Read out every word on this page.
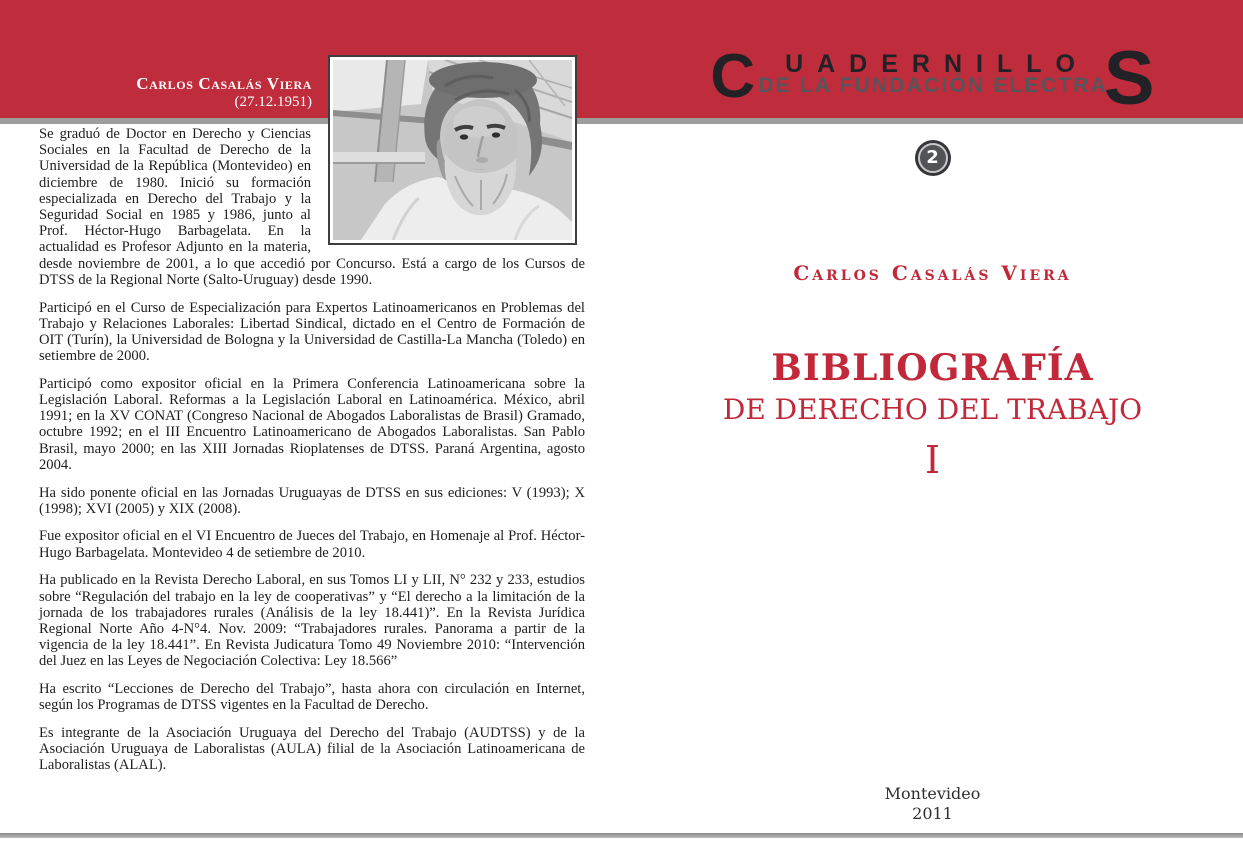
Carlos Casalás Viera
(27.12.1951)

Se graduó de Doctor en Derecho y Ciencias Sociales en la Facultad de Derecho de la Universidad de la República (Montevideo) en diciembre de 1980. Inició su formación especializada en Derecho del Trabajo y la Seguridad Social en 1985 y 1986, junto al Prof. Héctor-Hugo Barbagelata. En la actualidad es Profesor Adjunto en la materia, desde noviembre de 2001, a lo que accedió por Concurso. Está a cargo de los Cursos de DTSS de la Regional Norte (Salto-Uruguay) desde 1990.

Participó en el Curso de Especialización para Expertos Latinoamericanos en Problemas del Trabajo y Relaciones Laborales: Libertad Sindical, dictado en el Centro de Formación de OIT (Turín), la Universidad de Bologna y la Universidad de Castilla-La Mancha (Toledo) en setiembre de 2000.

Participó como expositor oficial en la Primera Conferencia Latinoamericana sobre la Legislación Laboral. Reformas a la Legislación Laboral en Latinoamérica. México, abril 1991; en la XV CONAT (Congreso Nacional de Abogados Laboralistas de Brasil) Gramado, octubre 1992; en el III Encuentro Latinoamericano de Abogados Laboralistas. San Pablo Brasil, mayo 2000; en las XIII Jornadas Rioplatenses de DTSS. Paraná Argentina, agosto 2004.

Ha sido ponente oficial en las Jornadas Uruguayas de DTSS en sus ediciones: V (1993); X (1998); XVI (2005) y XIX (2008).

Fue expositor oficial en el VI Encuentro de Jueces del Trabajo, en Homenaje al Prof. Héctor-Hugo Barbagelata. Montevideo 4 de setiembre de 2010.

Ha publicado en la Revista Derecho Laboral, en sus Tomos LI y LII, N° 232 y 233, estudios sobre “Regulación del trabajo en la ley de cooperativas” y “El derecho a la limitación de la jornada de los trabajadores rurales (Análisis de la ley 18.441)”. En la Revista Jurídica Regional Norte Año 4-N°4. Nov. 2009: “Trabajadores rurales. Panorama a partir de la vigencia de la ley 18.441”. En Revista Judicatura Tomo 49 Noviembre 2010: “Intervención del Juez en las Leyes de Negociación Colectiva: Ley 18.566”

Ha escrito “Lecciones de Derecho del Trabajo”, hasta ahora con circulación en Internet, según los Programas de DTSS vigentes en la Facultad de Derecho.

Es integrante de la Asociación Uruguaya del Derecho del Trabajo (AUDTSS) y de la Asociación Uruguaya de Laboralistas (AULA) filial de la Asociación Latinoamericana de Laboralistas (ALAL).

C	UADERNILLO
DE LA FUNDACIÓN ELECTRA
S
2
Carlos Casalás Viera
BIBLIOGRAFÍA
DE DERECHO DEL TRABAJO
I
Montevideo
2011
